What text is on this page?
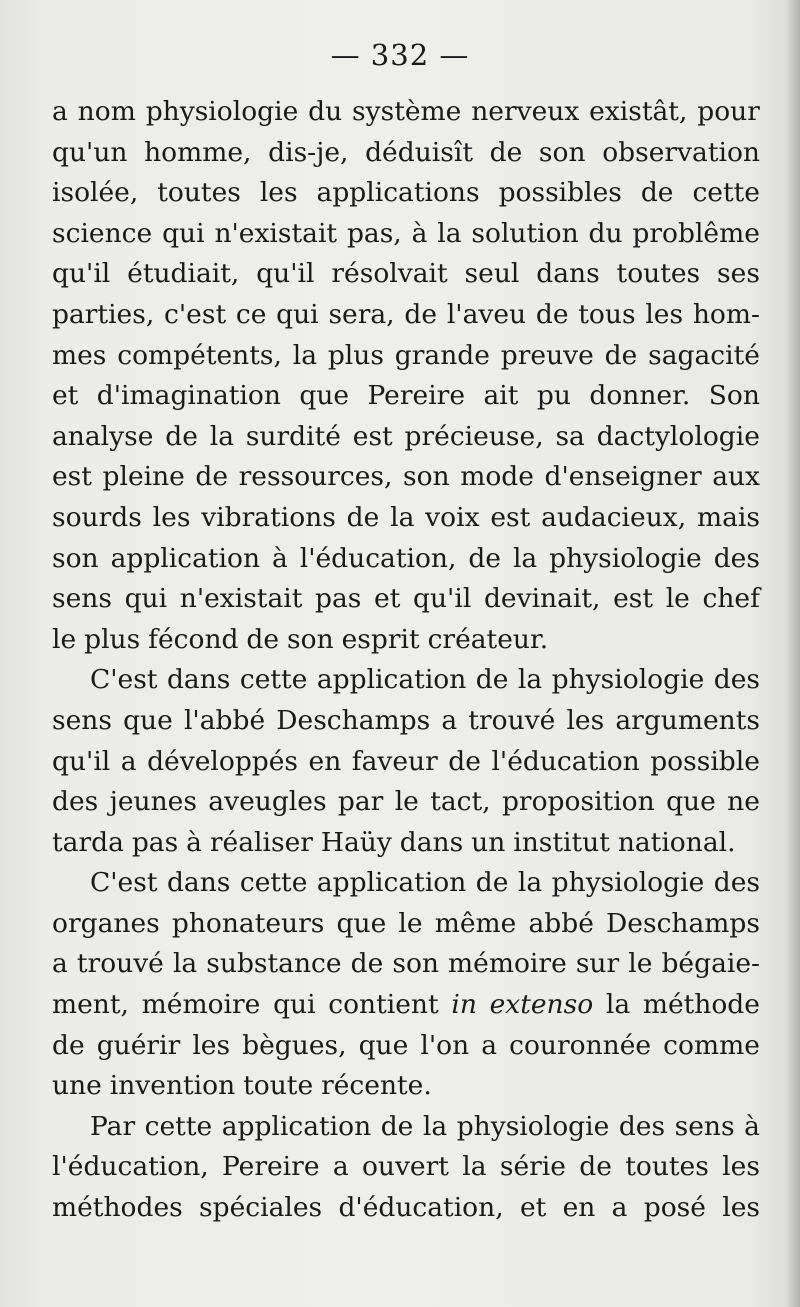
— 332 —
a nom physiologie du système nerveux existât, pour
qu'un homme, dis-je, déduisît de son observation
isolée, toutes les applications possibles de cette
science qui n'existait pas, à la solution du problême
qu'il étudiait, qu'il résolvait seul dans toutes ses
parties, c'est ce qui sera, de l'aveu de tous les hom-
mes compétents, la plus grande preuve de sagacité
et d'imagination que Pereire ait pu donner. Son
analyse de la surdité est précieuse, sa dactylologie
est pleine de ressources, son mode d'enseigner aux
sourds les vibrations de la voix est audacieux, mais
son application à l'éducation, de la physiologie des
sens qui n'existait pas et qu'il devinait, est le chef
le plus fécond de son esprit créateur.
C'est dans cette application de la physiologie des
sens que l'abbé Deschamps a trouvé les arguments
qu'il a développés en faveur de l'éducation possible
des jeunes aveugles par le tact, proposition que ne
tarda pas à réaliser Haüy dans un institut national.
C'est dans cette application de la physiologie des
organes phonateurs que le même abbé Deschamps
a trouvé la substance de son mémoire sur le bégaie-
ment, mémoire qui contient in extenso la méthode
de guérir les bègues, que l'on a couronnée comme
une invention toute récente.
Par cette application de la physiologie des sens à
l'éducation, Pereire a ouvert la série de toutes les
méthodes spéciales d'éducation, et en a posé les
